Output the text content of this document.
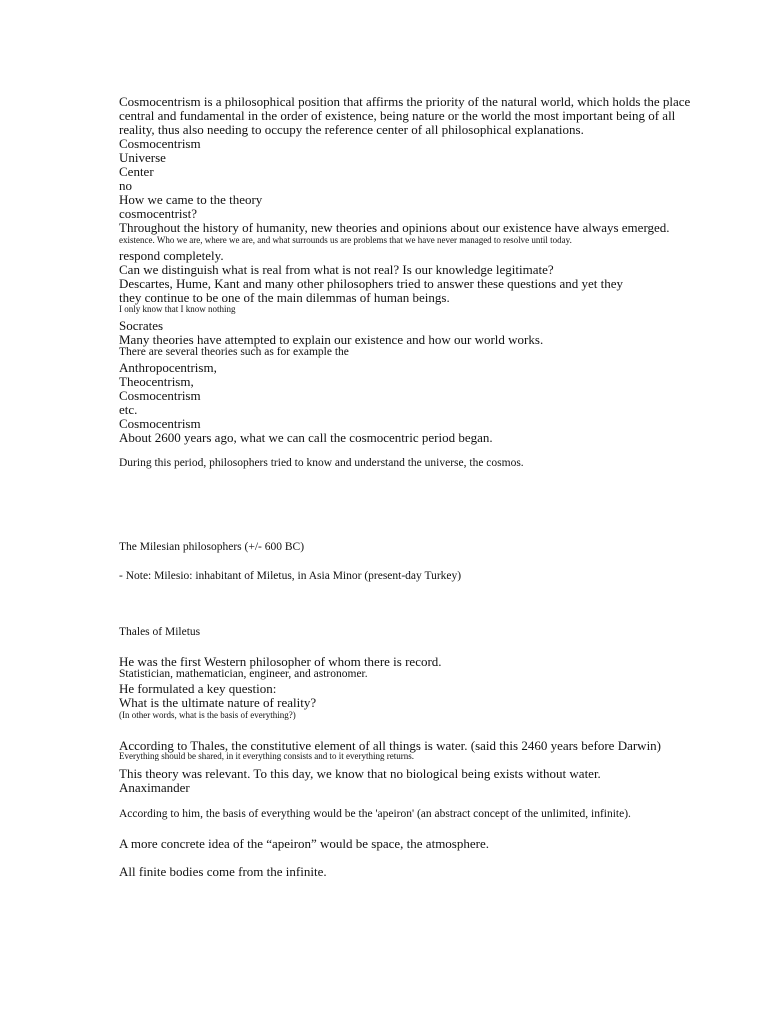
Cosmocentrism is a philosophical position that affirms the priority of the natural world, which holds the place
central and fundamental in the order of existence, being nature or the world the most important being of all
reality, thus also needing to occupy the reference center of all philosophical explanations.
Cosmocentrism
Universe
Center
no
How we came to the theory
cosmocentrist?
Throughout the history of humanity, new theories and opinions about our existence have always emerged.
existence. Who we are, where we are, and what surrounds us are problems that we have never managed to resolve until today.
respond completely.
Can we distinguish what is real from what is not real? Is our knowledge legitimate?
Descartes, Hume, Kant and many other philosophers tried to answer these questions and yet they
they continue to be one of the main dilemmas of human beings.
I only know that I know nothing
Socrates
Many theories have attempted to explain our existence and how our world works.
There are several theories such as for example the
Anthropocentrism,
Theocentrism,
Cosmocentrism
etc.
Cosmocentrism
About 2600 years ago, what we can call the cosmocentric period began.
During this period, philosophers tried to know and understand the universe, the cosmos.
The Milesian philosophers (+/- 600 BC)
- Note: Milesio: inhabitant of Miletus, in Asia Minor (present-day Turkey)
Thales of Miletus
He was the first Western philosopher of whom there is record.
Statistician, mathematician, engineer, and astronomer.
He formulated a key question:
What is the ultimate nature of reality?
(In other words, what is the basis of everything?)
According to Thales, the constitutive element of all things is water. (said this 2460 years before Darwin)
Everything should be shared, in it everything consists and to it everything returns.
This theory was relevant. To this day, we know that no biological being exists without water.
Anaximander
According to him, the basis of everything would be the 'apeiron' (an abstract concept of the unlimited, infinite).
A more concrete idea of the “apeiron” would be space, the atmosphere.
All finite bodies come from the infinite.
